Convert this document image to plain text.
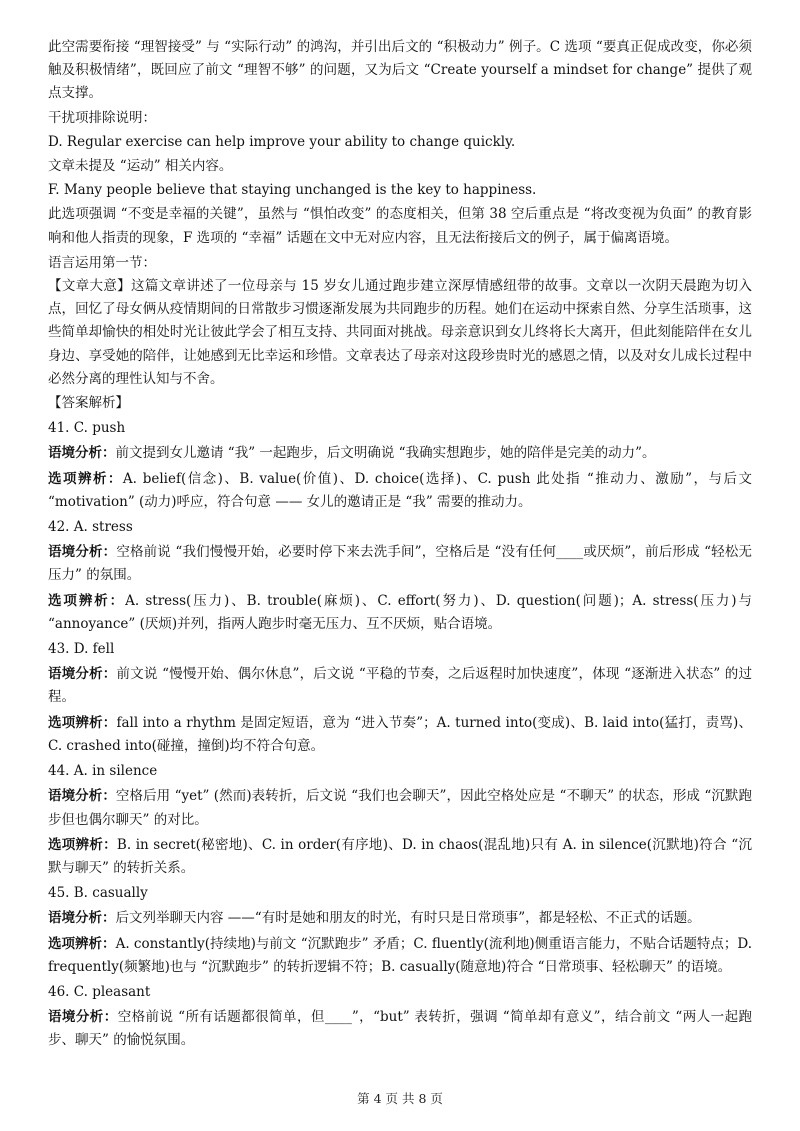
此空需要衔接 “理智接受” 与 “实际行动” 的鸿沟，并引出后文的 “积极动力” 例子。C 选项 “要真正促成改变，你必须触及积极情绪”，既回应了前文 “理智不够” 的问题，又为后文 “Create yourself a mindset for change” 提供了观点支撑。

干扰项排除说明：

D. Regular exercise can help improve your ability to change quickly.

文章未提及 “运动” 相关内容。

F. Many people believe that staying unchanged is the key to happiness.

此选项强调 “不变是幸福的关键”，虽然与 “惧怕改变” 的态度相关，但第 38 空后重点是 “将改变视为负面” 的教育影响和他人指责的现象，F 选项的 “幸福” 话题在文中无对应内容，且无法衔接后文的例子，属于偏离语境。

语言运用第一节：

【文章大意】这篇文章讲述了一位母亲与 15 岁女儿通过跑步建立深厚情感纽带的故事。文章以一次阴天晨跑为切入点，回忆了母女俩从疫情期间的日常散步习惯逐渐发展为共同跑步的历程。她们在运动中探索自然、分享生活琐事，这些简单却愉快的相处时光让彼此学会了相互支持、共同面对挑战。母亲意识到女儿终将长大离开，但此刻能陪伴在女儿身边、享受她的陪伴，让她感到无比幸运和珍惜。文章表达了母亲对这段珍贵时光的感恩之情，以及对女儿成长过程中必然分离的理性认知与不舍。

【答案解析】

41. C. push

语境分析：前文提到女儿邀请 “我” 一起跑步，后文明确说 “我确实想跑步，她的陪伴是完美的动力”。

选项辨析：A. belief(信念)、B. value(价值)、D. choice(选择)、C. push 此处指 “推动力、激励”，与后文 “motivation” (动力)呼应，符合句意 —— 女儿的邀请正是 “我” 需要的推动力。

42. A. stress

语境分析：空格前说 “我们慢慢开始，必要时停下来去洗手间”，空格后是 “没有任何____或厌烦”，前后形成 “轻松无压力” 的氛围。

选项辨析：A. stress(压力)、B. trouble(麻烦)、C. effort(努力)、D. question(问题)；A. stress(压力)与 “annoyance” (厌烦)并列，指两人跑步时毫无压力、互不厌烦，贴合语境。

43. D. fell

语境分析：前文说 “慢慢开始、偶尔休息”，后文说 “平稳的节奏，之后返程时加快速度”，体现 “逐渐进入状态” 的过程。

选项辨析：fall into a rhythm 是固定短语，意为 “进入节奏”；A. turned into(变成)、B. laid into(猛打，责骂)、C. crashed into(碰撞，撞倒)均不符合句意。

44. A. in silence

语境分析：空格后用 “yet” (然而)表转折，后文说 “我们也会聊天”，因此空格处应是 “不聊天” 的状态，形成 “沉默跑步但也偶尔聊天” 的对比。

选项辨析：B. in secret(秘密地)、C. in order(有序地)、D. in chaos(混乱地)只有 A. in silence(沉默地)符合 “沉默与聊天” 的转折关系。

45. B. casually

语境分析：后文列举聊天内容 ——“有时是她和朋友的时光，有时只是日常琐事”，都是轻松、不正式的话题。

选项辨析：A. constantly(持续地)与前文 “沉默跑步” 矛盾；C. fluently(流利地)侧重语言能力，不贴合话题特点；D. frequently(频繁地)也与 “沉默跑步” 的转折逻辑不符；B. casually(随意地)符合 “日常琐事、轻松聊天” 的语境。

46. C. pleasant

语境分析：空格前说 “所有话题都很简单，但____”，“but” 表转折，强调 “简单却有意义”，结合前文 “两人一起跑步、聊天” 的愉悦氛围。

第 4 页 共 8 页
